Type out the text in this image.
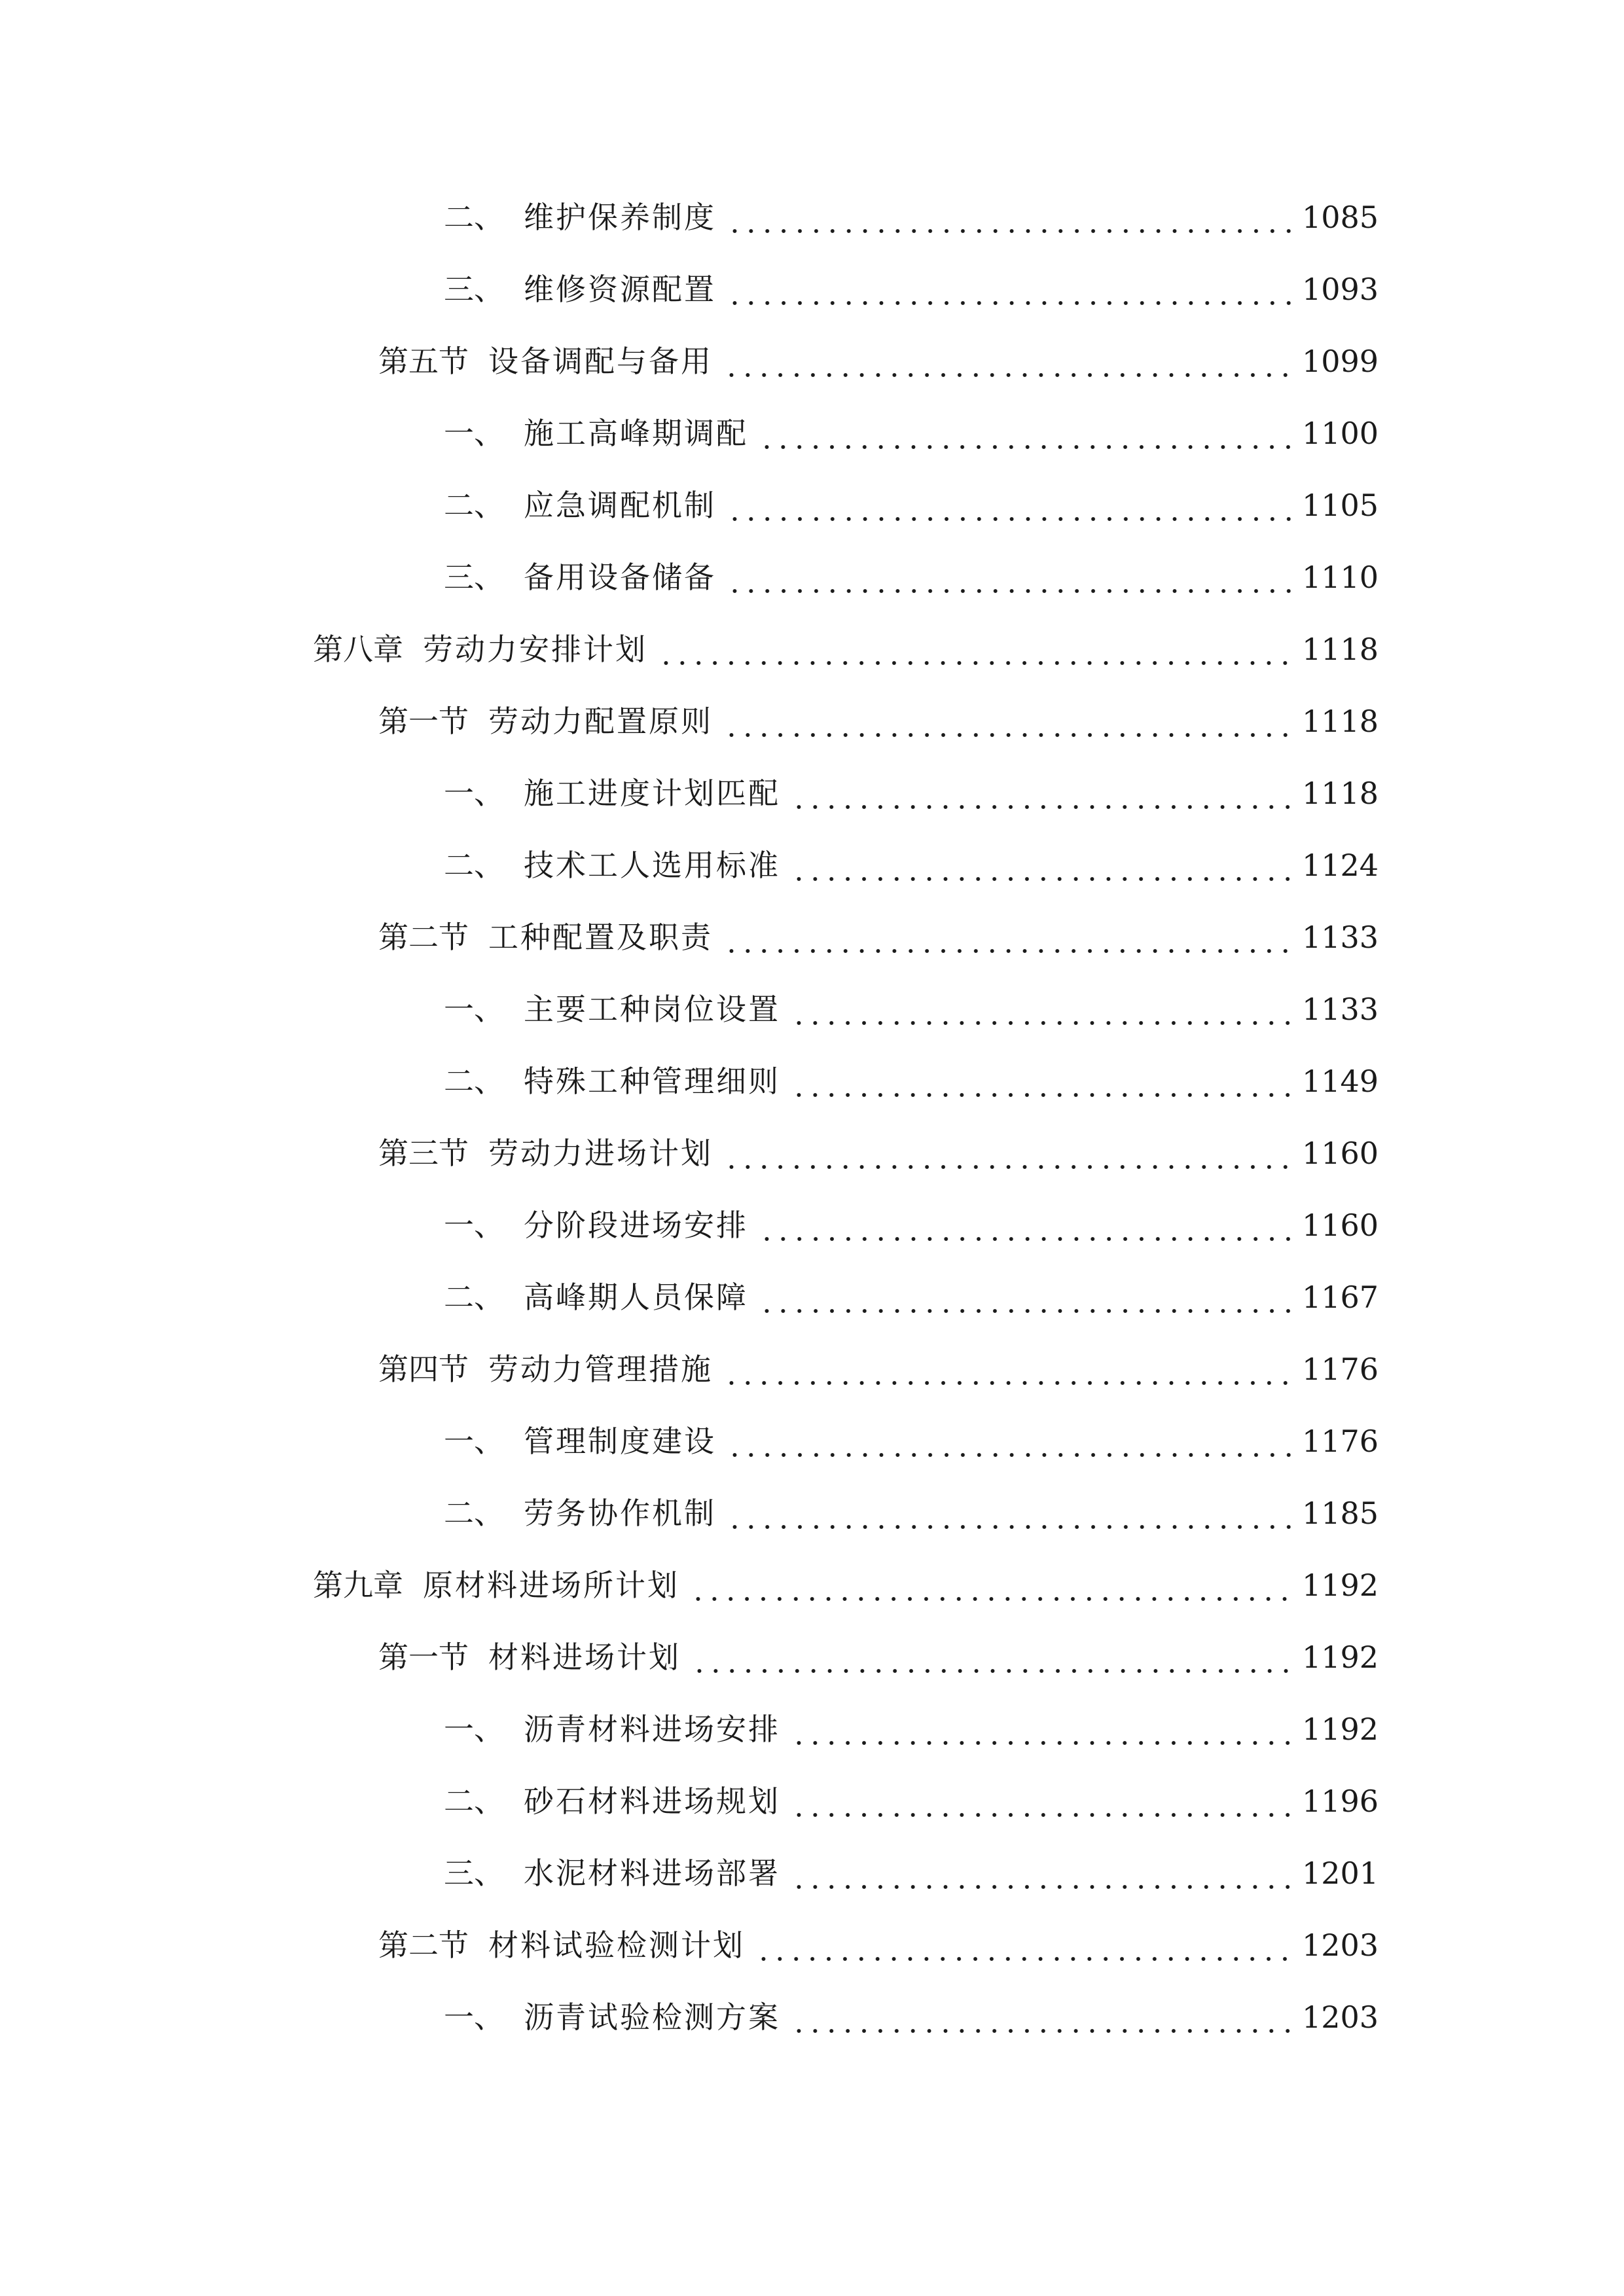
二、 维护保养制度	1085
三、 维修资源配置	1093
第五节 设备调配与备用	1099
一、 施工高峰期调配	1100
二、 应急调配机制	1105
三、 备用设备储备	1110
第八章 劳动力安排计划	1118
第一节 劳动力配置原则	1118
一、 施工进度计划匹配	1118
二、 技术工人选用标准	1124
第二节 工种配置及职责	1133
一、 主要工种岗位设置	1133
二、 特殊工种管理细则	1149
第三节 劳动力进场计划	1160
一、 分阶段进场安排	1160
二、 高峰期人员保障	1167
第四节 劳动力管理措施	1176
一、 管理制度建设	1176
二、 劳务协作机制	1185
第九章 原材料进场所计划	1192
第一节 材料进场计划	1192
一、 沥青材料进场安排	1192
二、 砂石材料进场规划	1196
三、 水泥材料进场部署	1201
第二节 材料试验检测计划	1203
一、 沥青试验检测方案	1203
